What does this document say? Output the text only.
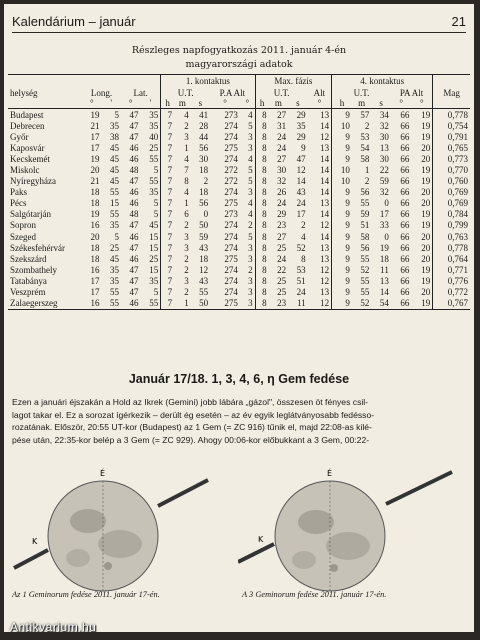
Kalendárium – január	21
Részleges napfogyatkozás 2011. január 4-én
magyarországi adatok
					1. kontaktus					Max. fázis				4. kontaktus					
helység	Long.		Lat.		U.T.			P.A Alt		U.T.			Alt	U.T.			PA Alt		Mag
	°	'	°	'	h	m	s	°	°	h	m	s	°	h	m	s	°	°	
Budapest	19	5	47	35	7	4	41	273	4	8	27	29	13	9	57	34	66	19	0,778
Debrecen	21	35	47	35	7	2	28	274	5	8	31	35	14	10	2	32	66	19	0,754
Győr	17	38	47	40	7	3	44	274	3	8	24	29	12	9	53	30	66	19	0,791
Kaposvár	17	45	46	25	7	1	56	275	3	8	24	9	13	9	54	13	66	20	0,765
Kecskemét	19	45	46	55	7	4	30	274	4	8	27	47	14	9	58	30	66	20	0,773
Miskolc	20	45	48	5	7	7	18	272	5	8	30	12	14	10	1	22	66	19	0,770
Nyíregyháza	21	45	47	55	7	8	2	272	5	8	32	14	14	10	2	59	66	19	0,760
Paks	18	55	46	35	7	4	18	274	3	8	26	43	14	9	56	32	66	20	0,769
Pécs	18	15	46	5	7	1	56	275	4	8	24	24	13	9	55	0	66	20	0,769
Salgótarján	19	55	48	5	7	6	0	273	4	8	29	17	14	9	59	17	66	19	0,784
Sopron	16	35	47	45	7	2	50	274	2	8	23	2	12	9	51	33	66	19	0,799
Szeged	20	5	46	15	7	3	59	274	5	8	27	4	14	9	58	0	66	20	0,763
Székesfehérvár	18	25	47	15	7	3	43	274	3	8	25	52	13	9	56	19	66	20	0,778
Szekszárd	18	45	46	25	7	2	18	275	3	8	24	8	13	9	55	18	66	20	0,764
Szombathely	16	35	47	15	7	2	12	274	2	8	22	53	12	9	52	11	66	19	0,771
Tatabánya	17	35	47	35	7	3	43	274	3	8	25	51	12	9	55	13	66	19	0,776
Veszprém	17	55	47	5	7	2	55	274	3	8	25	24	13	9	55	14	66	20	0,772
Zalaegerszeg	16	55	46	55	7	1	50	275	3	8	23	11	12	9	52	54	66	19	0,767
Január 17/18. 1, 3, 4, 6, η Gem fedése
Ezen a januári éjszakán a Hold az Ikrek (Gemini) jobb lábára „gázol", összesen öt fényes csil-
lagot takar el. Ez a sorozat ígérkezik – derült ég esetén – az év egyik leglátványosabb fedésso-
rozatának. Először, 20:55 UT-kor (Budapest) az 1 Gem (= ZC 916) tűnik el, majd 22:08-as kilé-
pése után, 22:35-kor belép a 3 Gem (= ZC 929). Ahogy 00:06-kor előbukkant a 3 Gem, 00:22-
É
K
É
K
Az 1 Geminorum fedése 2011. január 17-én.	A 3 Geminorum fedése 2011. január 17-én.
Antikvarium.hu
